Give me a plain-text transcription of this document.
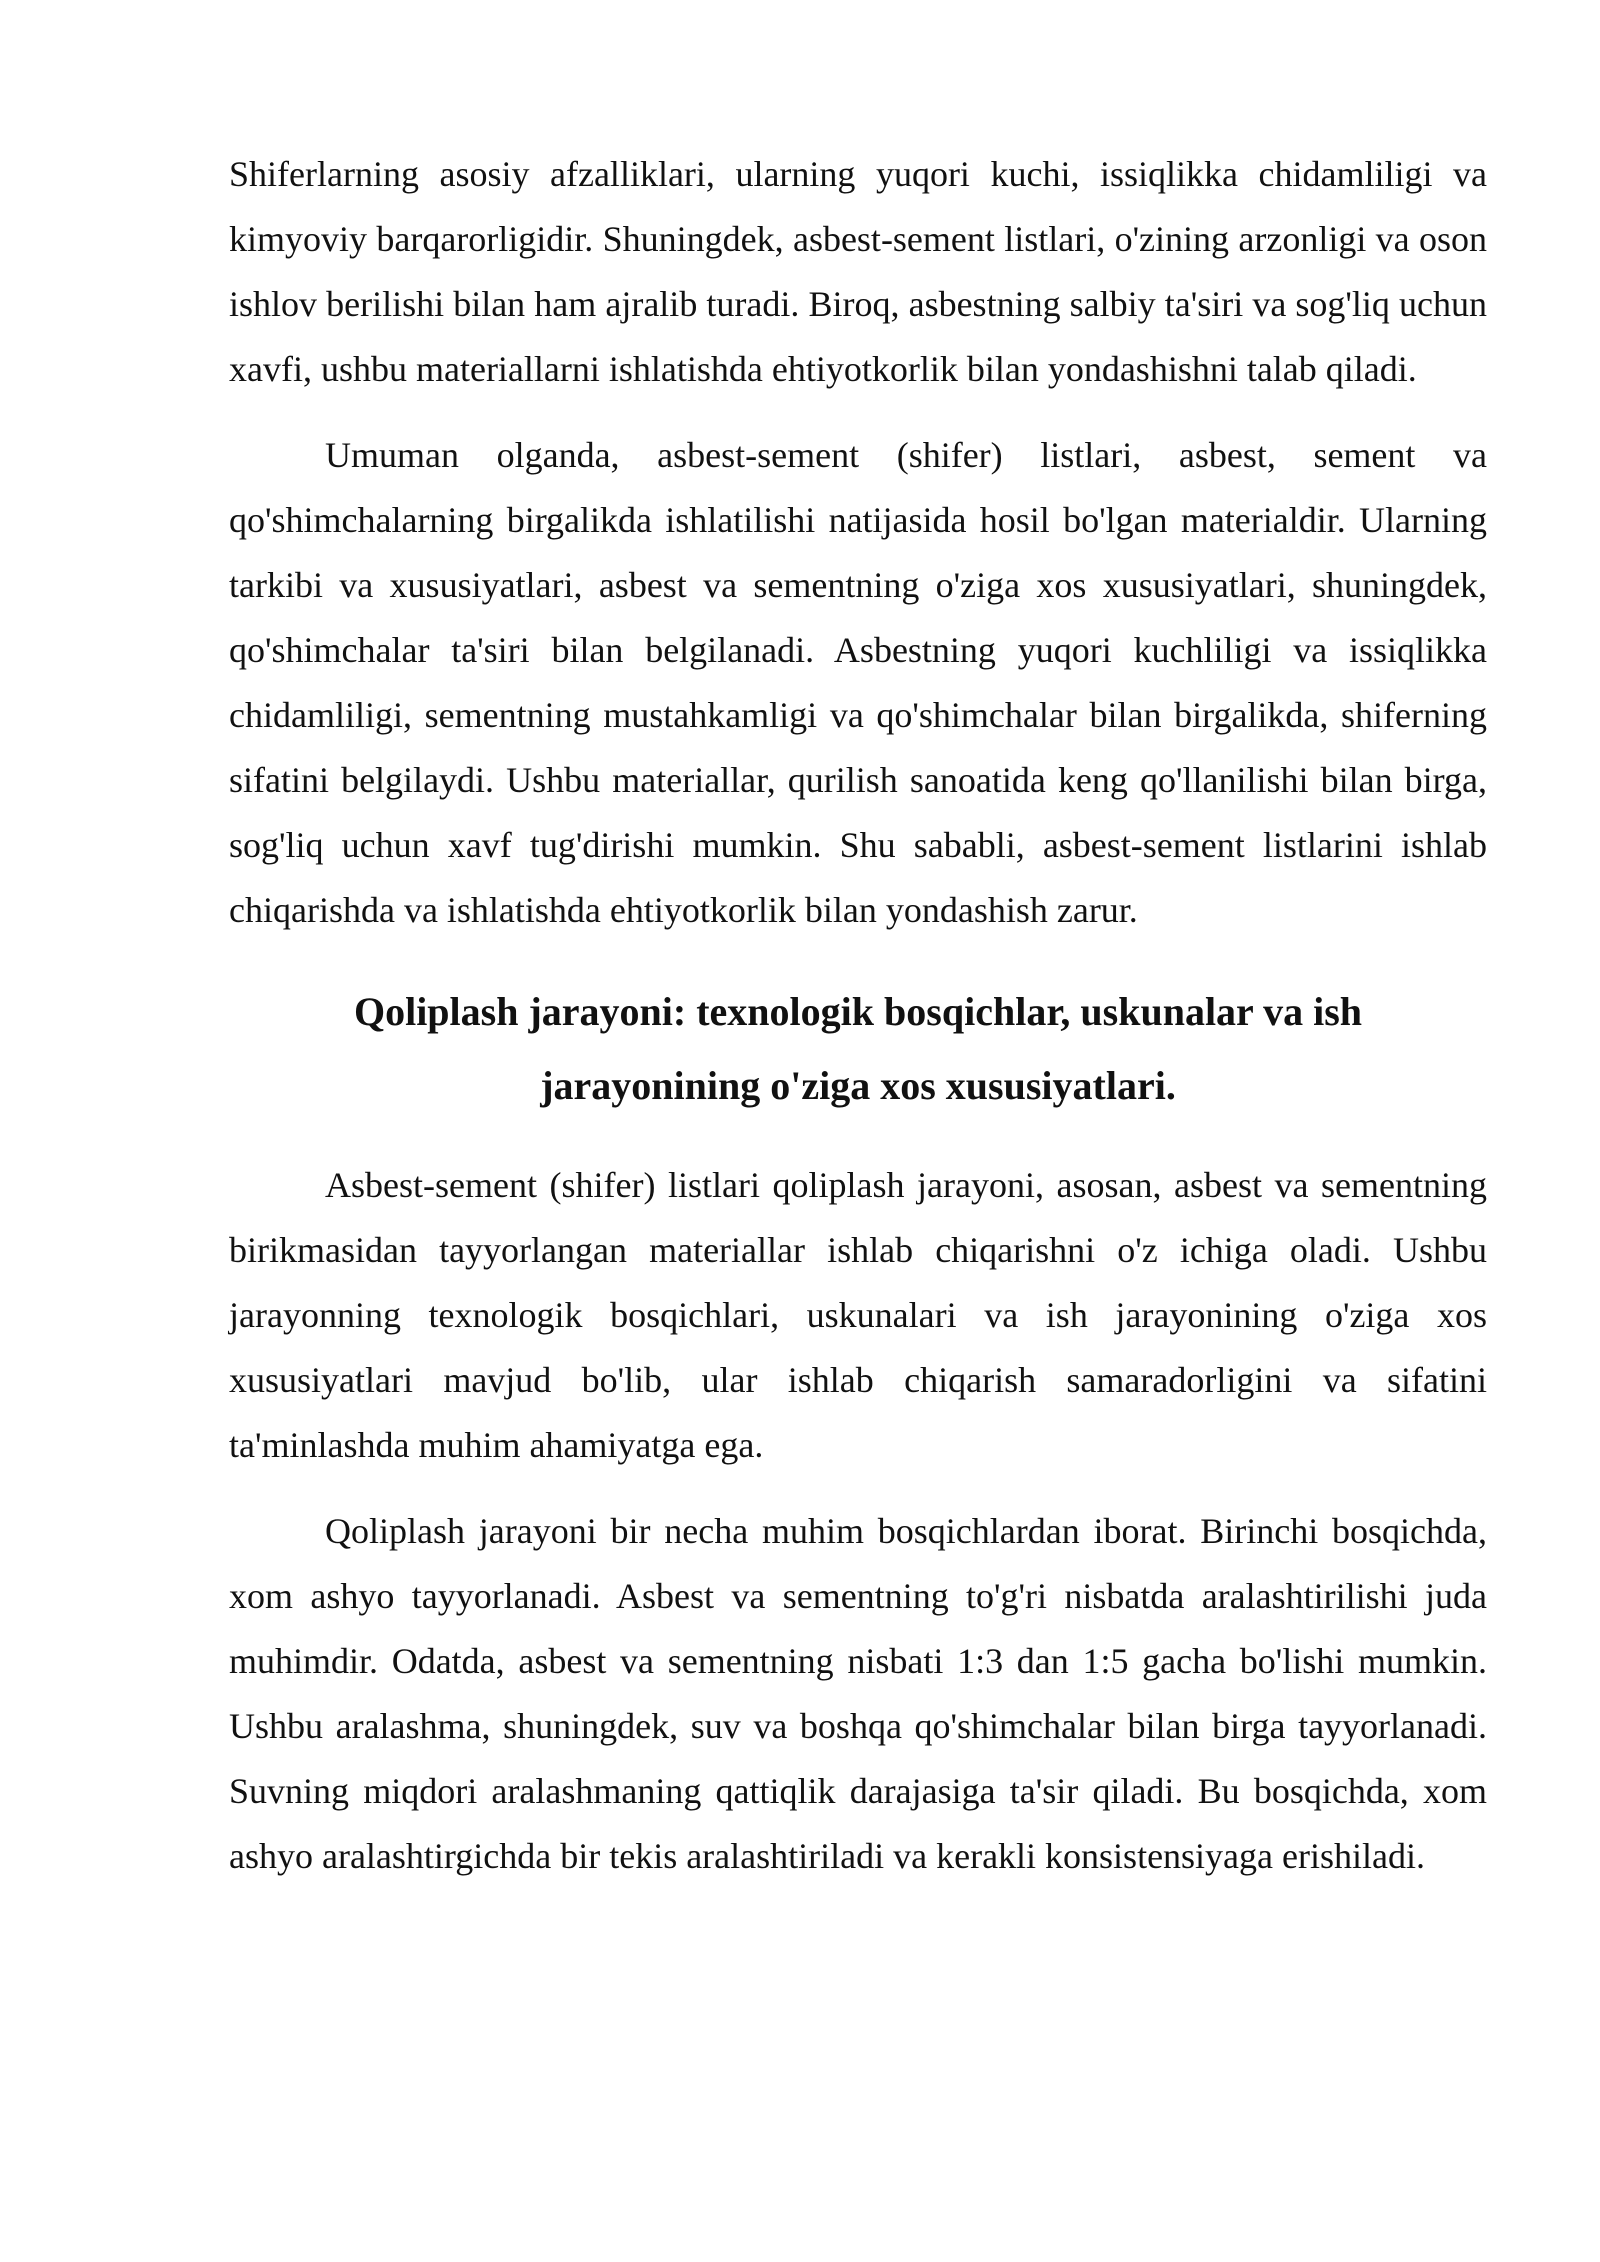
Shiferlarning asosiy afzalliklari, ularning yuqori kuchi, issiqlikka chidamliligi va kimyoviy barqarorligidir. Shuningdek, asbest-sement listlari, o'zining arzonligi va oson ishlov berilishi bilan ham ajralib turadi. Biroq, asbestning salbiy ta'siri va sog'liq uchun xavfi, ushbu materiallarni ishlatishda ehtiyotkorlik bilan yondashishni talab qiladi.

Umuman olganda, asbest-sement (shifer) listlari, asbest, sement va qo'shimchalarning birgalikda ishlatilishi natijasida hosil bo'lgan materialdir. Ularning tarkibi va xususiyatlari, asbest va sementning o'ziga xos xususiyatlari, shuningdek, qo'shimchalar ta'siri bilan belgilanadi. Asbestning yuqori kuchliligi va issiqlikka chidamliligi, sementning mustahkamligi va qo'shimchalar bilan birgalikda, shiferning sifatini belgilaydi. Ushbu materiallar, qurilish sanoatida keng qo'llanilishi bilan birga, sog'liq uchun xavf tug'dirishi mumkin. Shu sababli, asbest-sement listlarini ishlab chiqarishda va ishlatishda ehtiyotkorlik bilan yondashish zarur.

Qoliplash jarayoni: texnologik bosqichlar, uskunalar va ish jarayonining o'ziga xos xususiyatlari.

Asbest-sement (shifer) listlari qoliplash jarayoni, asosan, asbest va sementning birikmasidan tayyorlangan materiallar ishlab chiqarishni o'z ichiga oladi. Ushbu jarayonning texnologik bosqichlari, uskunalari va ish jarayonining o'ziga xos xususiyatlari mavjud bo'lib, ular ishlab chiqarish samaradorligini va sifatini ta'minlashda muhim ahamiyatga ega.

Qoliplash jarayoni bir necha muhim bosqichlardan iborat. Birinchi bosqichda, xom ashyo tayyorlanadi. Asbest va sementning to'g'ri nisbatda aralashtirilishi juda muhimdir. Odatda, asbest va sementning nisbati 1:3 dan 1:5 gacha bo'lishi mumkin. Ushbu aralashma, shuningdek, suv va boshqa qo'shimchalar bilan birga tayyorlanadi. Suvning miqdori aralashmaning qattiqlik darajasiga ta'sir qiladi. Bu bosqichda, xom ashyo aralashtirgichda bir tekis aralashtiriladi va kerakli konsistensiyaga erishiladi.
